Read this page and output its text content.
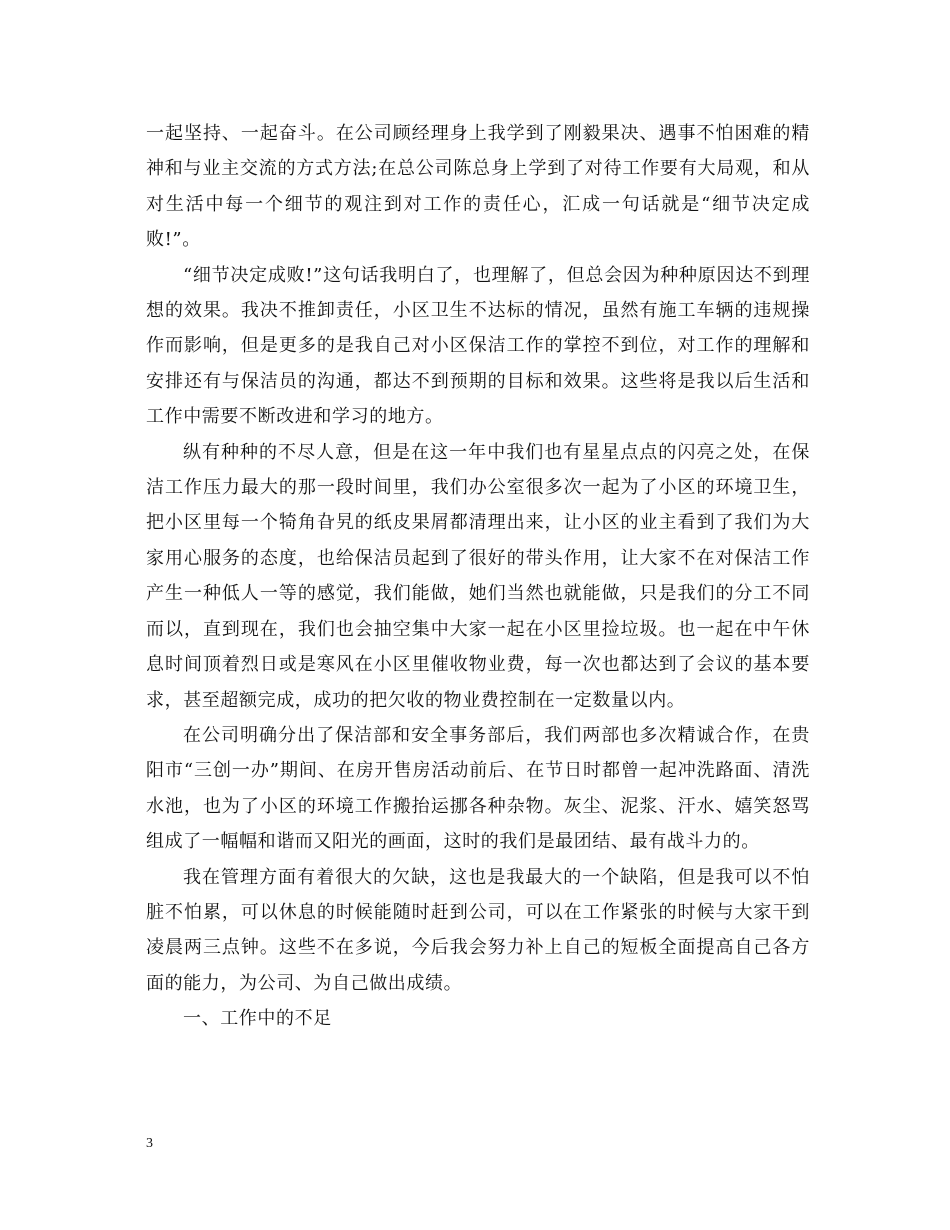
一起坚持、一起奋斗。在公司顾经理身上我学到了刚毅果决、遇事不怕困难的精神和与业主交流的方式方法;在总公司陈总身上学到了对待工作要有大局观，和从对生活中每一个细节的观注到对工作的责任心，汇成一句话就是“细节决定成败!”。

“细节决定成败!”这句话我明白了，也理解了，但总会因为种种原因达不到理想的效果。我决不推卸责任，小区卫生不达标的情况，虽然有施工车辆的违规操作而影响，但是更多的是我自己对小区保洁工作的掌控不到位，对工作的理解和安排还有与保洁员的沟通，都达不到预期的目标和效果。这些将是我以后生活和工作中需要不断改进和学习的地方。

纵有种种的不尽人意，但是在这一年中我们也有星星点点的闪亮之处，在保洁工作压力最大的那一段时间里，我们办公室很多次一起为了小区的环境卫生，把小区里每一个犄角旮旯的纸皮果屑都清理出来，让小区的业主看到了我们为大家用心服务的态度，也给保洁员起到了很好的带头作用，让大家不在对保洁工作产生一种低人一等的感觉，我们能做，她们当然也就能做，只是我们的分工不同而以，直到现在，我们也会抽空集中大家一起在小区里捡垃圾。也一起在中午休息时间顶着烈日或是寒风在小区里催收物业费，每一次也都达到了会议的基本要求，甚至超额完成，成功的把欠收的物业费控制在一定数量以内。

在公司明确分出了保洁部和安全事务部后，我们两部也多次精诚合作，在贵阳市“三创一办”期间、在房开售房活动前后、在节日时都曾一起冲洗路面、清洗水池，也为了小区的环境工作搬抬运挪各种杂物。灰尘、泥浆、汗水、嬉笑怒骂组成了一幅幅和谐而又阳光的画面，这时的我们是最团结、最有战斗力的。

我在管理方面有着很大的欠缺，这也是我最大的一个缺陷，但是我可以不怕脏不怕累，可以休息的时候能随时赶到公司，可以在工作紧张的时候与大家干到凌晨两三点钟。这些不在多说，今后我会努力补上自己的短板全面提高自己各方面的能力，为公司、为自己做出成绩。

一、工作中的不足

3
